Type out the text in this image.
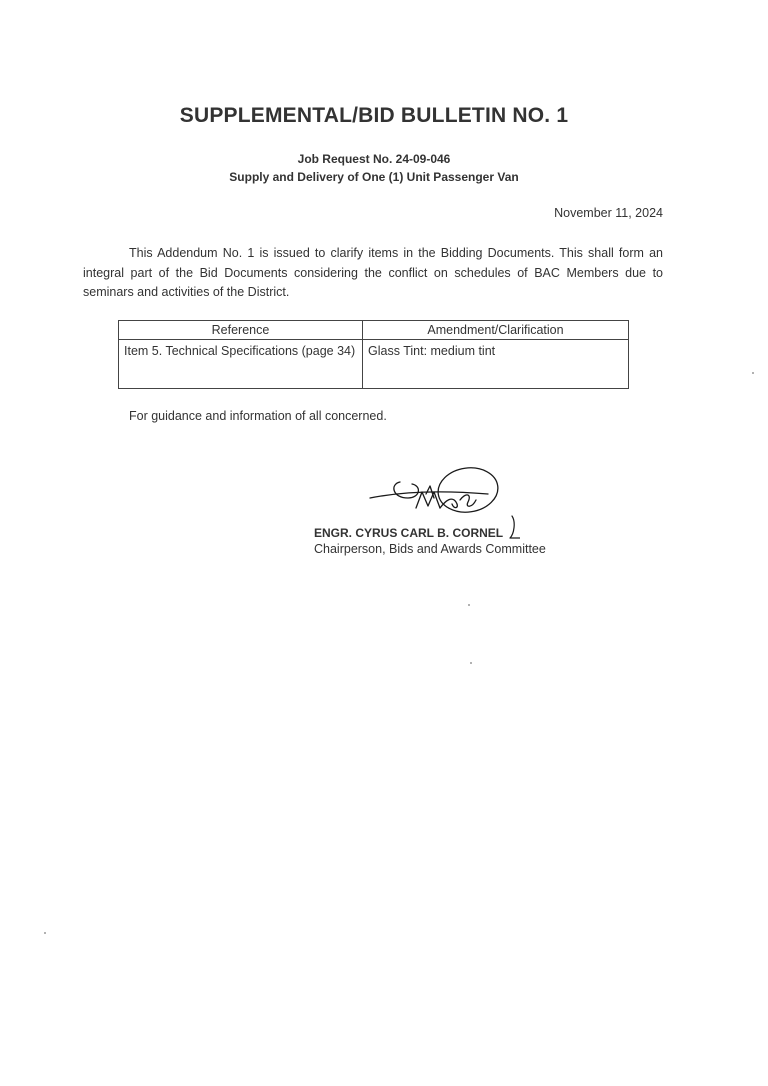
SUPPLEMENTAL/BID BULLETIN NO. 1
Job Request No. 24-09-046
Supply and Delivery of One (1) Unit Passenger Van
November 11, 2024
This Addendum No. 1 is issued to clarify items in the Bidding Documents. This shall form an integral part of the Bid Documents considering the conflict on schedules of BAC Members due to seminars and activities of the District.
Reference	Amendment/Clarification
Item 5. Technical Specifications (page 34)	Glass Tint: medium tint
For guidance and information of all concerned.
ENGR. CYRUS CARL B. CORNEL
Chairperson, Bids and Awards Committee
